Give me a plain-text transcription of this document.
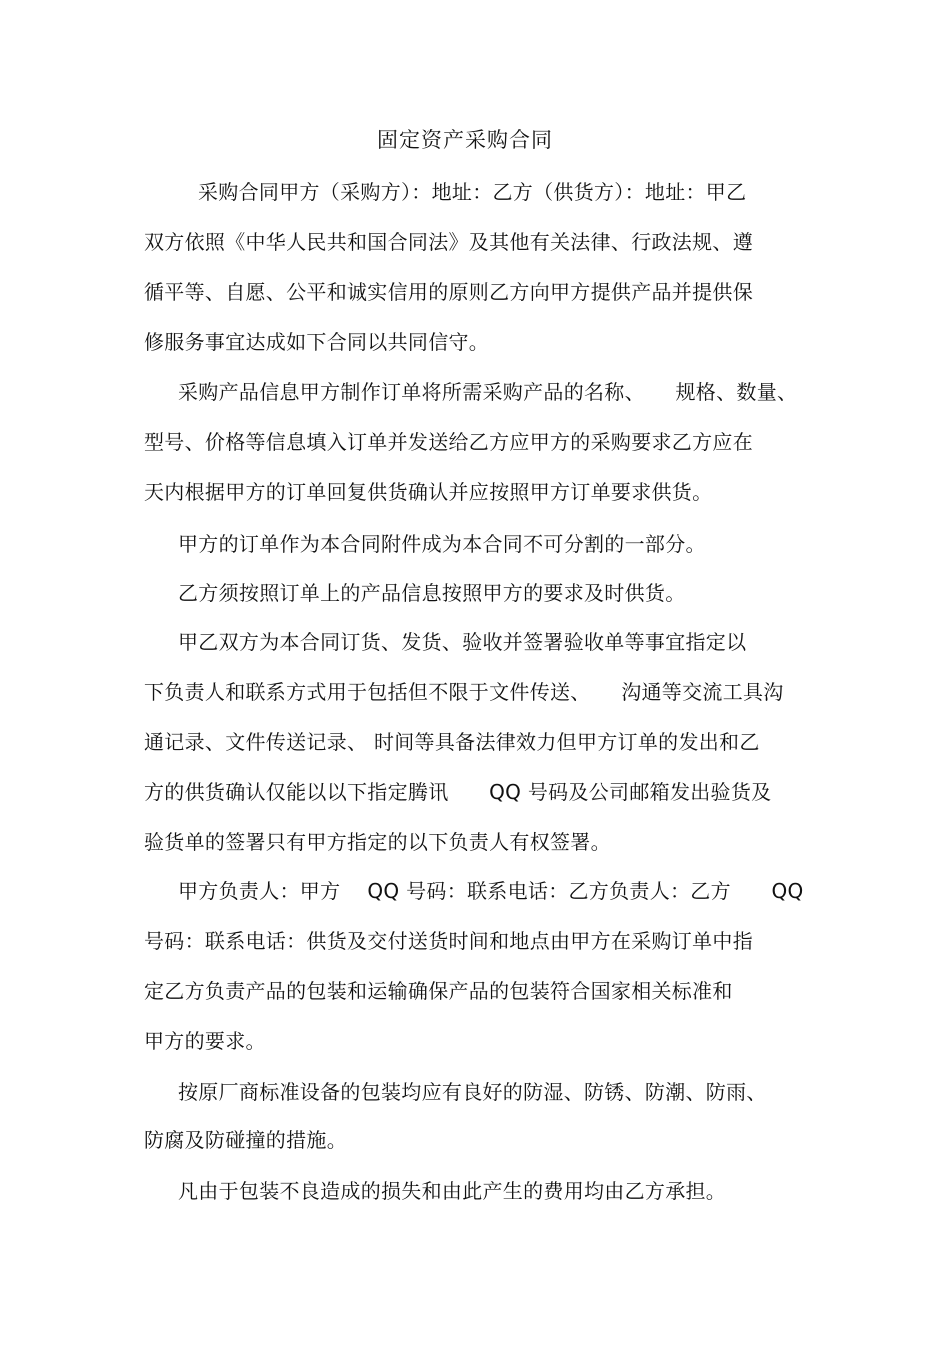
固定资产采购合同
采购合同甲方（采购方）：地址：乙方（供货方）：地址：甲乙
双方依照《中华人民共和国合同法》及其他有关法律、行政法规、遵
循平等、自愿、公平和诚实信用的原则乙方向甲方提供产品并提供保
修服务事宜达成如下合同以共同信守。
采购产品信息甲方制作订单将所需采购产品的名称、　　规格、数量、
型号、价格等信息填入订单并发送给乙方应甲方的采购要求乙方应在
天内根据甲方的订单回复供货确认并应按照甲方订单要求供货。
甲方的订单作为本合同附件成为本合同不可分割的一部分。
乙方须按照订单上的产品信息按照甲方的要求及时供货。
甲乙双方为本合同订货、发货、验收并签署验收单等事宜指定以
下负责人和联系方式用于包括但不限于文件传送、　　沟通等交流工具沟
通记录、文件传送记录、 时间等具备法律效力但甲方订单的发出和乙
方的供货确认仅能以以下指定腾讯　　QQ 号码及公司邮箱发出验货及
验货单的签署只有甲方指定的以下负责人有权签署。
甲方负责人：甲方　 QQ 号码：联系电话：乙方负责人：乙方　　QQ
号码：联系电话：供货及交付送货时间和地点由甲方在采购订单中指
定乙方负责产品的包装和运输确保产品的包装符合国家相关标准和
甲方的要求。
按原厂商标准设备的包装均应有良好的防湿、防锈、防潮、防雨、
防腐及防碰撞的措施。
凡由于包装不良造成的损失和由此产生的费用均由乙方承担。
